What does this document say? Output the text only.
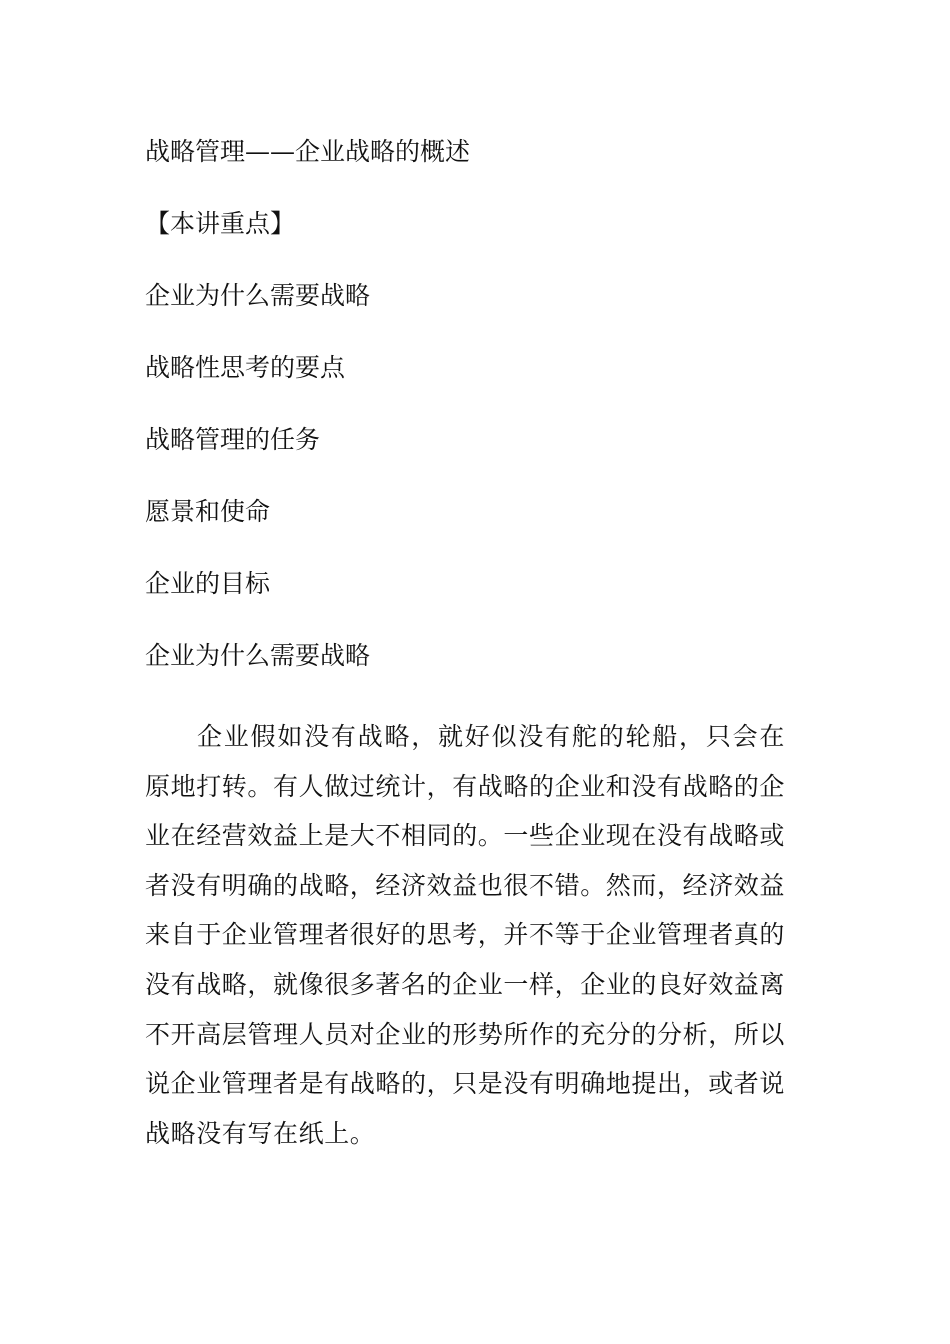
战略管理——企业战略的概述
【本讲重点】
企业为什么需要战略
战略性思考的要点
战略管理的任务
愿景和使命
企业的目标
企业为什么需要战略

企业假如没有战略，就好似没有舵的轮船，只会在原地打转。有人做过统计，有战略的企业和没有战略的企业在经营效益上是大不相同的。一些企业现在没有战略或者没有明确的战略，经济效益也很不错。然而，经济效益来自于企业管理者很好的思考，并不等于企业管理者真的没有战略，就像很多著名的企业一样，企业的良好效益离不开高层管理人员对企业的形势所作的充分的分析，所以说企业管理者是有战略的，只是没有明确地提出，或者说战略没有写在纸上。
